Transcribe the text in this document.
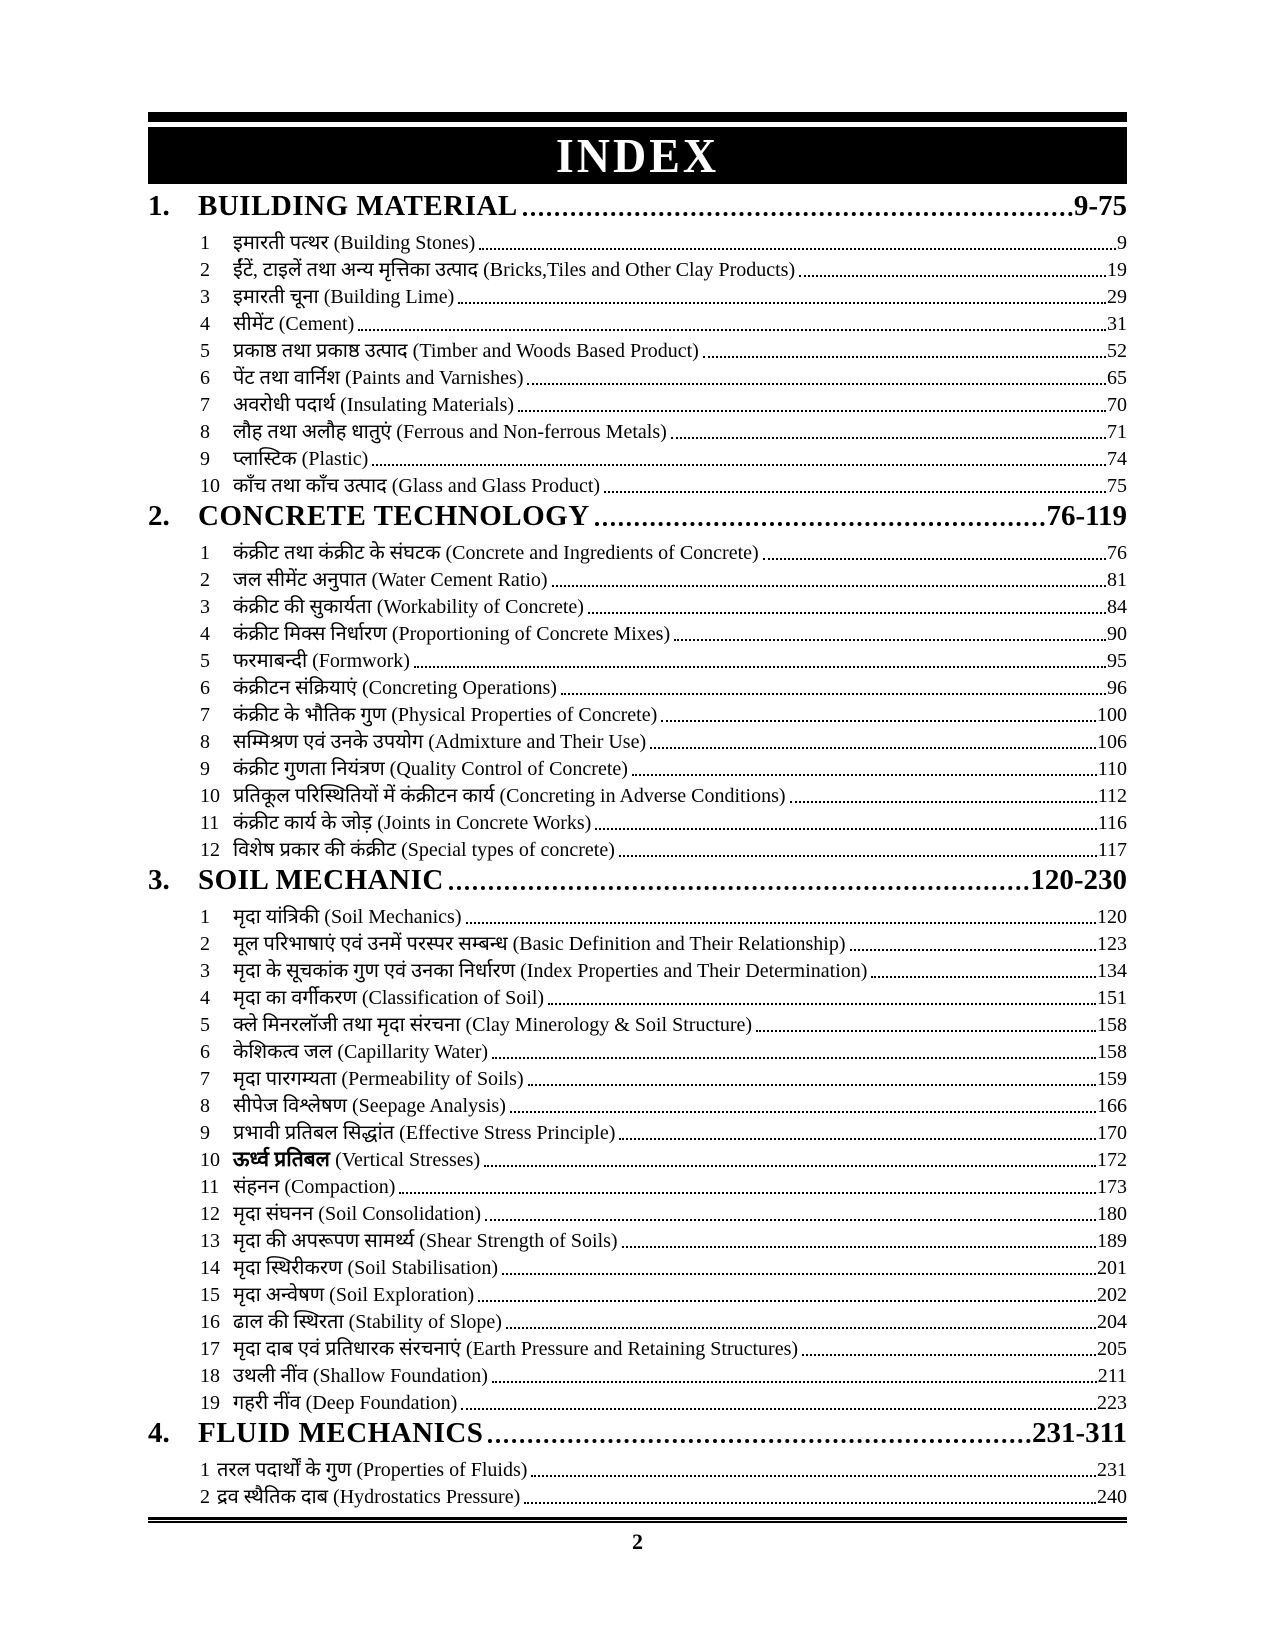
INDEX
1. BUILDING MATERIAL	9-75
1	इमारती पत्थर (Building Stones)	9
2	ईंटें, टाइलें तथा अन्य मृत्तिका उत्पाद (Bricks,Tiles and Other Clay Products)	19
3	इमारती चूना (Building Lime)	29
4	सीमेंट (Cement)	31
5	प्रकाष्ठ तथा प्रकाष्ठ उत्पाद (Timber and Woods Based Product)	52
6	पेंट तथा वार्निश (Paints and Varnishes)	65
7	अवरोधी पदार्थ (Insulating Materials)	70
8	लौह तथा अलौह धातुएं (Ferrous and Non-ferrous Metals)	71
9	प्लास्टिक (Plastic)	74
10 काँच तथा काँच उत्पाद (Glass and Glass Product)	75
2. CONCRETE TECHNOLOGY	76-119
1	कंक्रीट तथा कंक्रीट के संघटक (Concrete and Ingredients of Concrete)	76
2	जल सीमेंट अनुपात (Water Cement Ratio)	81
3	कंक्रीट की सुकार्यता (Workability of Concrete)	84
4	कंक्रीट मिक्स निर्धारण (Proportioning of Concrete Mixes)	90
5	फरमाबन्दी (Formwork)	95
6	कंक्रीटन संक्रियाएं (Concreting Operations)	96
7	कंक्रीट के भौतिक गुण (Physical Properties of Concrete)	100
8	सम्मिश्रण एवं उनके उपयोग (Admixture and Their Use)	106
9	कंक्रीट गुणता नियंत्रण (Quality Control of Concrete)	110
10 प्रतिकूल परिस्थितियों में कंक्रीटन कार्य (Concreting in Adverse Conditions)	112
11 कंक्रीट कार्य के जोड़ (Joints in Concrete Works)	116
12 विशेष प्रकार की कंक्रीट (Special types of concrete)	117
3. SOIL MECHANIC	120-230
1	मृदा यांत्रिकी (Soil Mechanics)	120
2	मूल परिभाषाएं एवं उनमें परस्पर सम्बन्ध (Basic Definition and Their Relationship)	123
3	मृदा के सूचकांक गुण एवं उनका निर्धारण (Index Properties and Their Determination)	134
4	मृदा का वर्गीकरण (Classification of Soil)	151
5	क्ले मिनरलॉजी तथा मृदा संरचना (Clay Minerology & Soil Structure)	158
6	केशिकत्व जल (Capillarity Water)	158
7	मृदा पारगम्यता (Permeability of Soils)	159
8	सीपेज विश्लेषण (Seepage Analysis)	166
9	प्रभावी प्रतिबल सिद्धांत (Effective Stress Principle)	170
10 ऊर्ध्व प्रतिबल (Vertical Stresses)	172
11 संहनन (Compaction)	173
12 मृदा संघनन (Soil Consolidation)	180
13 मृदा की अपरूपण सामर्थ्य (Shear Strength of Soils)	189
14 मृदा स्थिरीकरण (Soil Stabilisation)	201
15 मृदा अन्वेषण (Soil Exploration)	202
16 ढाल की स्थिरता (Stability of Slope)	204
17 मृदा दाब एवं प्रतिधारक संरचनाएं (Earth Pressure and Retaining Structures)	205
18 उथली नींव (Shallow Foundation)	211
19 गहरी नींव (Deep Foundation)	223
4. FLUID MECHANICS	231-311
1 तरल पदार्थों के गुण (Properties of Fluids)	231
2 द्रव स्थैतिक दाब (Hydrostatics Pressure)	240
2
